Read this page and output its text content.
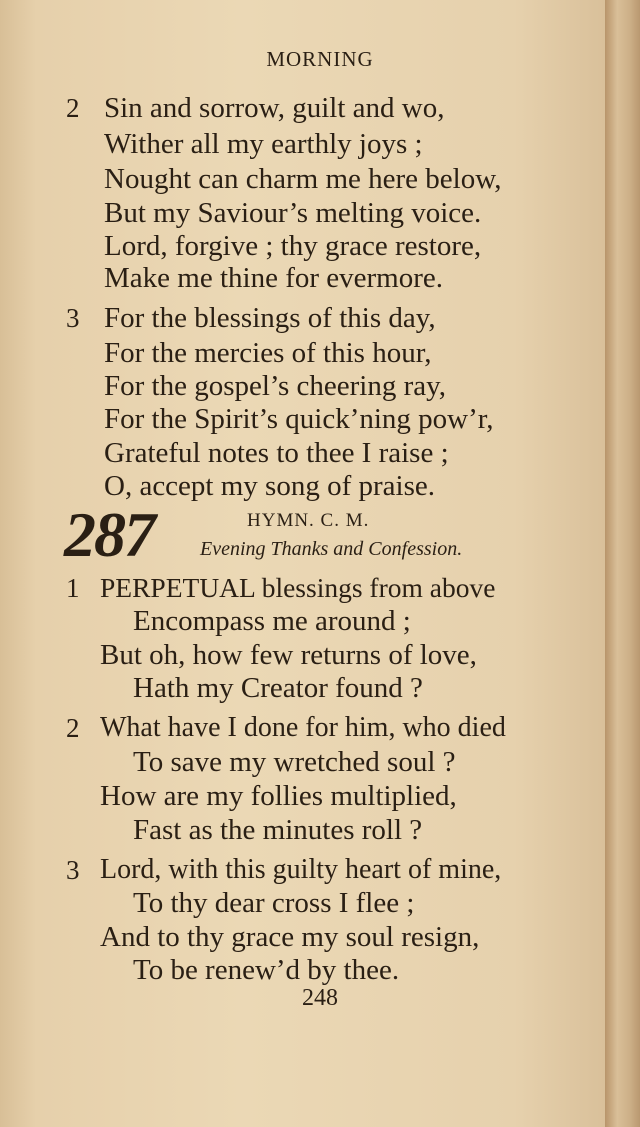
MORNING
2 Sin and sorrow, guilt and wo,
Wither all my earthly joys ;
Nought can charm me here below,
But my Saviour’s melting voice.
Lord, forgive ; thy grace restore,
Make me thine for evermore.
3 For the blessings of this day,
For the mercies of this hour,
For the gospel’s cheering ray,
For the Spirit’s quick’ning pow’r,
Grateful notes to thee I raise ;
O, accept my song of praise.
287	HYMN. C. M.
Evening Thanks and Confession.
1 PERPETUAL blessings from above
Encompass me around ;
But oh, how few returns of love,
Hath my Creator found ?
2 What have I done for him, who died
To save my wretched soul ?
How are my follies multiplied,
Fast as the minutes roll ?
3 Lord, with this guilty heart of mine,
To thy dear cross I flee ;
And to thy grace my soul resign,
To be renew’d by thee.
248
